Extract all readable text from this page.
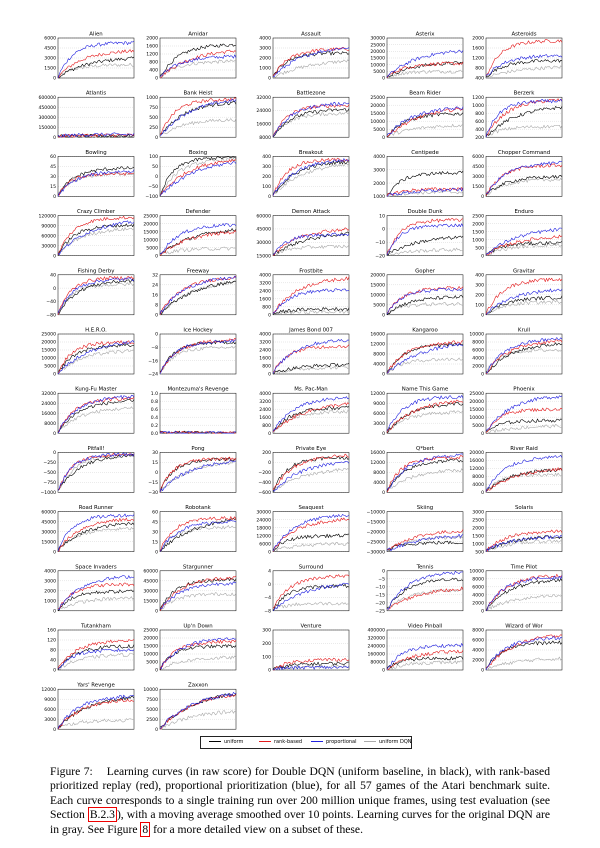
Alien
6000
4500
3000
1500
0
Amidar
2000
1600
1200
800
400
0
Assault
4000
3000
2000
1000
0
Asterix
30000
25000
20000
15000
10000
5000
0
Asteroids
2000
1600
1200
800
400
Atlantis
600000
450000
300000
150000
0
Bank Heist
1000
750
500
250
0
Battlezone
32000
24000
16000
8000
Beam Rider
25000
20000
15000
10000
5000
0
Berzerk
1200
1000
800
600
400
200
Bowling
60
45
30
15
0
Boxing
100
50
0
−50
−100
Breakout
400
300
200
100
0
Centipede
4000
3000
2000
1000
Chopper Command
6000
4500
3000
1500
0
Crazy Climber
120000
90000
60000
30000
0
Defender
25000
20000
15000
10000
5000
0
Demon Attack
60000
45000
30000
15000
Double Dunk
10
0
−10
−20
Enduro
2500
2000
1500
1000
500
0
Fishing Derby
40
0
−40
−80
Freeway
32
24
16
8
0
Frostbite
4000
3200
2400
1600
800
0
Gopher
20000
15000
10000
5000
0
Gravitar
400
300
200
100
0
H.E.R.O.
25000
20000
15000
10000
5000
0
Ice Hockey
0
−8
−16
−24
James Bond 007
4000
3200
2400
1600
800
0
Kangaroo
16000
12000
8000
4000
0
Krull
10000
8000
6000
4000
2000
0
Kung-Fu Master
32000
24000
16000
8000
0
Montezuma's Revenge
1.0
0.8
0.6
0.4
0.2
0.0
Ms. Pac-Man
4000
3200
2400
1600
800
0
Name This Game
12000
9000
6000
3000
0
Phoenix
25000
20000
15000
10000
5000
0
Pitfall!
0
−250
−500
−750
−1000
Pong
30
15
0
−15
−30
Private Eye
200
0
−200
−400
−600
Q*bert
16000
12000
8000
4000
0
River Raid
20000
16000
12000
8000
4000
0
Road Runner
60000
45000
30000
15000
0
Robotank
60
45
30
15
0
Seaquest
30000
24000
18000
12000
6000
0
Skiing
−10000
−15000
−20000
−25000
−30000
Solaris
3000
2500
2000
1500
1000
500
Space Invaders
4000
3000
2000
1000
0
Stargunner
60000
45000
30000
15000
0
Surround
4
0
−4
−8
Tennis
0
−5
−10
−15
−20
−25
Time Pilot
10000
8000
6000
4000
2000
0
Tutankham
160
120
80
40
0
Up'n Down
25000
20000
15000
10000
5000
0
Venture
300
200
100
0
Video Pinball
400000
320000
240000
160000
80000
0
Wizard of Wor
8000
6000
4000
2000
0
Yars' Revenge
12000
9000
6000
3000
0
Zaxxon
10000
7500
5000
2500
0
uniform	rank-based	proportional	uniform DQN
Figure 7: Learning curves (in raw score) for Double DQN (uniform baseline, in black), with rank-based prioritized replay (red), proportional prioritization (blue), for all 57 games of the Atari benchmark suite. Each curve corresponds to a single training run over 200 million unique frames, using test evaluation (see Section B.2.3 ), with a moving average smoothed over 10 points. Learning curves for the original DQN are in gray. See Figure 8 for a more detailed view on a subset of these.
